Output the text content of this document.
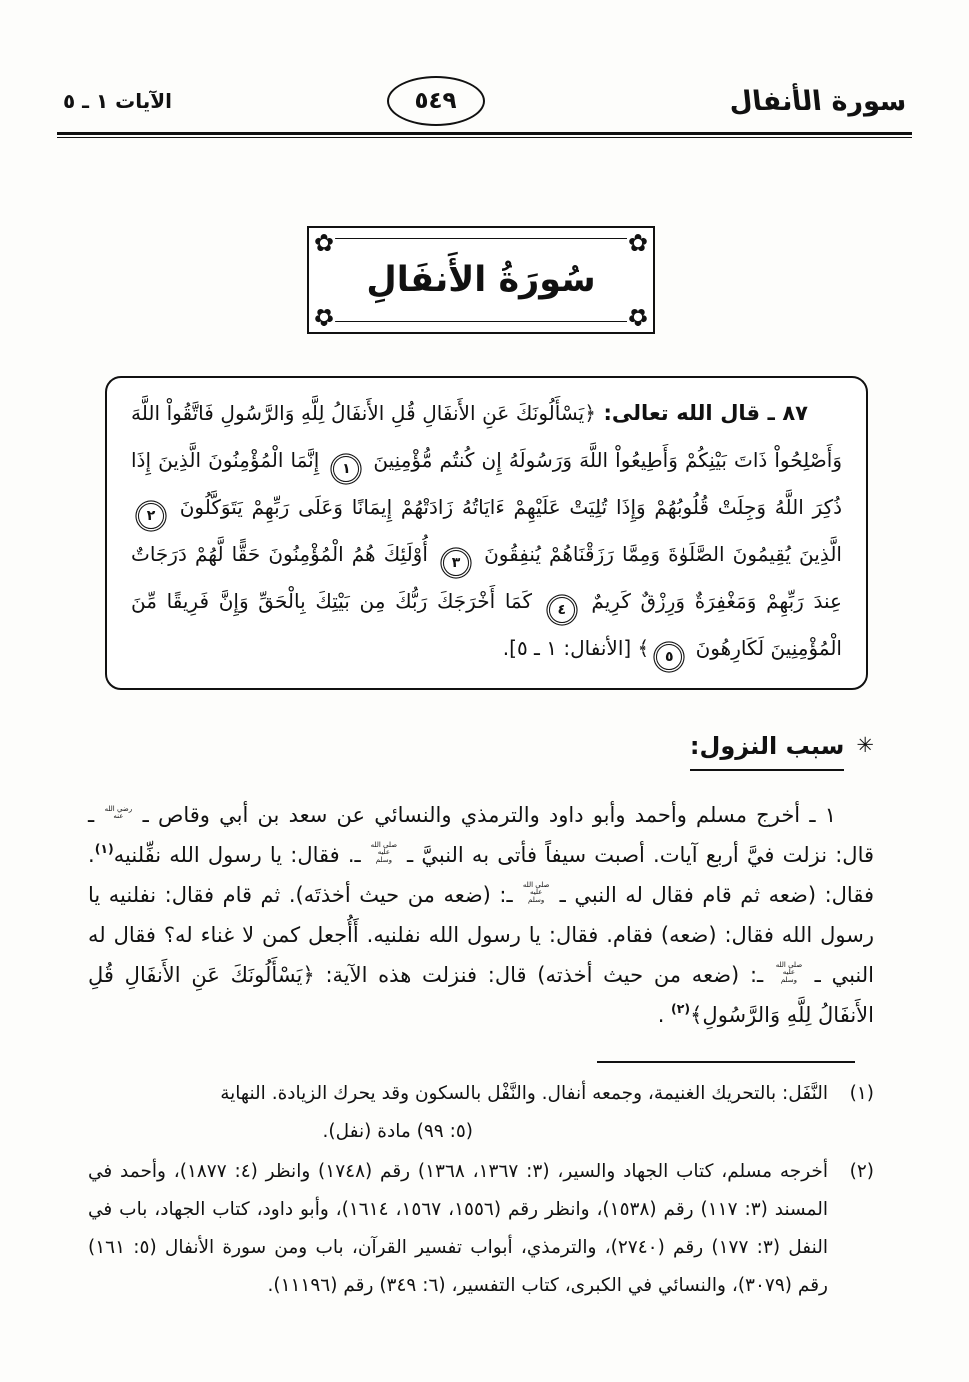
سورة الأنفال
٥٤٩
الآيات ١ ـ ٥
✿
✿
✿
✿
سُورَةُ الأَنفَالِ

٨٧ ـ قال الله تعالى: ﴿يَسْأَلُونَكَ عَنِ الأَنفَالِ قُلِ الأَنفَالُ لِلَّهِ وَالرَّسُولِ فَاتَّقُواْ اللَّهَ وَأَصْلِحُواْ ذَاتَ بَيْنِكُمْ وَأَطِيعُواْ اللَّهَ وَرَسُولَهُ إِن كُنتُم مُّؤْمِنِينَ ١ إِنَّمَا الْمُؤْمِنُونَ الَّذِينَ إِذَا ذُكِرَ اللَّهُ وَجِلَتْ قُلُوبُهُمْ وَإِذَا تُلِيَتْ عَلَيْهِمْ ءَايَاتُهُ زَادَتْهُمْ إِيمَانًا وَعَلَى رَبِّهِمْ يَتَوَكَّلُونَ ٢ الَّذِينَ يُقِيمُونَ الصَّلَوٰةَ وَمِمَّا رَزَقْنَاهُمْ يُنفِقُونَ ٣ أُوْلَئِكَ هُمُ الْمُؤْمِنُونَ حَقًّا لَّهُمْ دَرَجَاتٌ عِندَ رَبِّهِمْ وَمَغْفِرَةٌ وَرِزْقٌ كَرِيمٌ ٤ كَمَا أَخْرَجَكَ رَبُّكَ مِن بَيْتِكَ بِالْحَقِّ وَإِنَّ فَرِيقًا مِّنَ الْمُؤْمِنِينَ لَكَارِهُونَ ٥﴾ [الأنفال: ١ ـ ٥].

✳سبب النزول:

١ ـ أخرج مسلم وأحمد وأبو داود والترمذي والنسائي عن سعد بن أبي وقاص ـ رضي الله عنه ـ قال: نزلت فيَّ أربع آيات. أصبت سيفاً فأتى به النبيَّ ـ صلى الله عليه وسلم ـ. فقال: يا رسول الله نفِّلنيه$^{(١)}$. فقال: (ضعه ثم قام فقال له النبي ـ صلى الله عليه وسلم ـ: (ضعه من حيث أخذتَه). ثم قام فقال: نفلنيه يا رسول الله فقال: (ضعه) فقام. فقال: يا رسول الله نفلنيه. أَأُجعل كمن لا غناء له؟ فقال له النبي ـ صلى الله عليه وسلم ـ: (ضعه من حيث أخذته) قال: فنزلت هذه الآية: ﴿يَسْأَلُونَكَ عَنِ الأَنفَالِ قُلِ الأَنفَالُ لِلَّهِ وَالرَّسُولِ﴾$^{(٢)}$ .

(١)
النَّفَل: بالتحريك الغنيمة، وجمعه أنفال. والنَّفْل بالسكون وقد يحرك الزيادة. النهاية
(٥: ٩٩) مادة (نفل).
(٢)
أخرجه مسلم، كتاب الجهاد والسير، (٣: ١٣٦٧، ١٣٦٨) رقم (١٧٤٨) وانظر (٤: ١٨٧٧)، وأحمد في المسند (٣: ١١٧) رقم (١٥٣٨)، وانظر رقم (١٥٥٦، ١٥٦٧، ١٦١٤)، وأبو داود، كتاب الجهاد، باب في النفل (٣: ١٧٧) رقم (٢٧٤٠)، والترمذي، أبواب تفسير القرآن، باب ومن سورة الأنفال (٥: ١٦١) رقم (٣٠٧٩)، والنسائي في الكبرى، كتاب التفسير، (٦: ٣٤٩) رقم (١١١٩٦).
